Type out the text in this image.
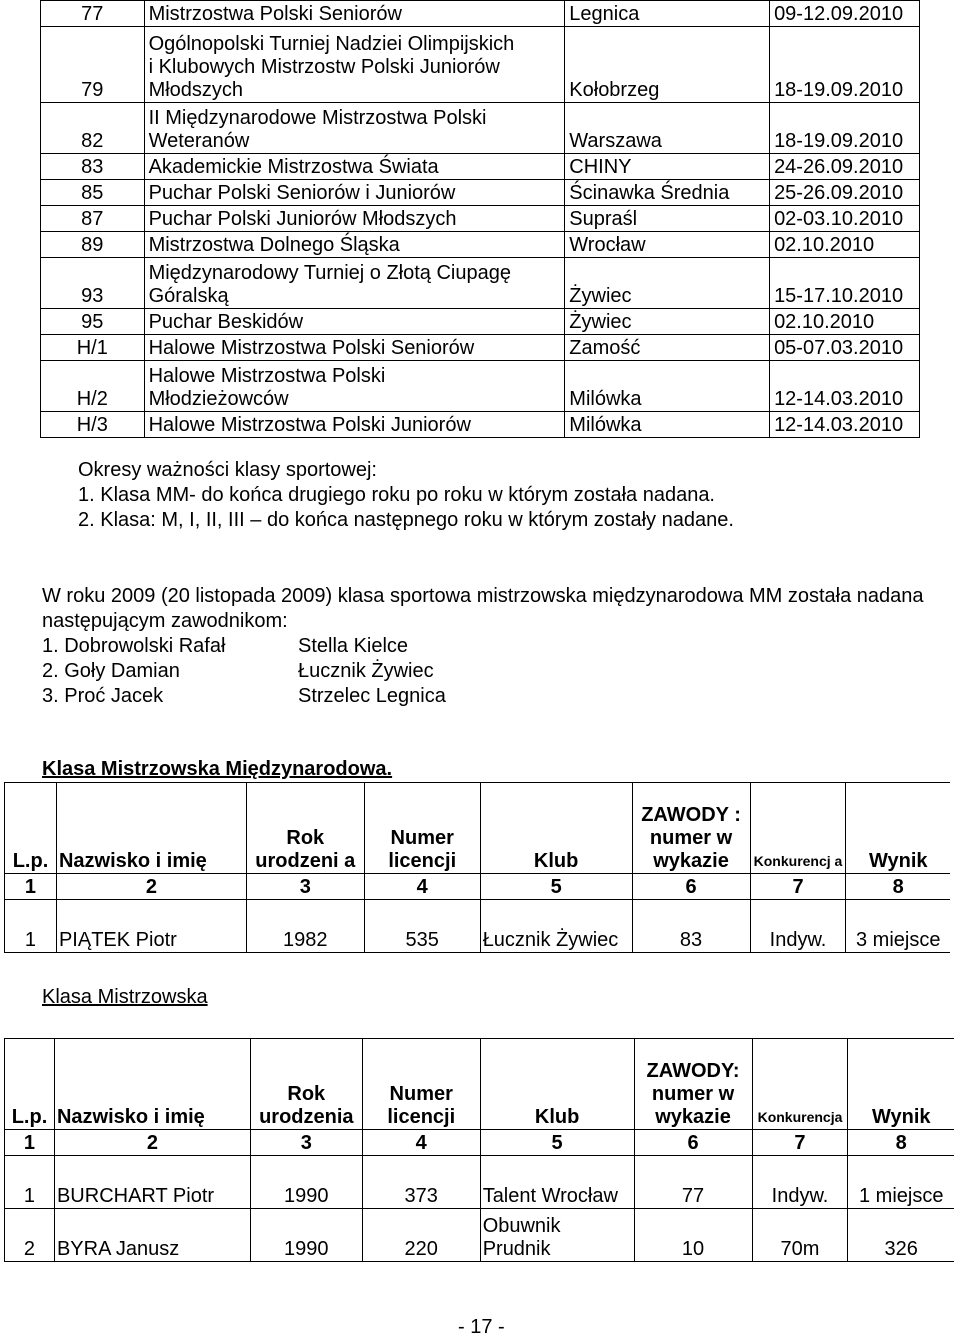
77	Mistrzostwa Polski Seniorów	Legnica	09-12.09.2010
79	Ogólnopolski Turniej Nadziei Olimpijskich
i Klubowych Mistrzostw Polski Juniorów
Młodszych	Kołobrzeg	18-19.09.2010
82	II Międzynarodowe Mistrzostwa Polski
Weteranów	Warszawa	18-19.09.2010
83	Akademickie Mistrzostwa Świata	CHINY	24-26.09.2010
85	Puchar Polski Seniorów i Juniorów	Ścinawka Średnia	25-26.09.2010
87	Puchar Polski Juniorów Młodszych	Supraśl	02-03.10.2010
89	Mistrzostwa Dolnego Śląska	Wrocław	02.10.2010
93	Międzynarodowy Turniej o Złotą Ciupagę
Góralską	Żywiec	15-17.10.2010
95	Puchar Beskidów	Żywiec	02.10.2010
H/1	Halowe Mistrzostwa Polski Seniorów	Zamość	05-07.03.2010
H/2	Halowe Mistrzostwa Polski
Młodzieżowców	Milówka	12-14.03.2010
H/3	Halowe Mistrzostwa Polski Juniorów	Milówka	12-14.03.2010
Okresy ważności klasy sportowej:
1. Klasa MM- do końca drugiego roku po roku w którym została nadana.
2. Klasa: M, I, II, III – do końca następnego roku w którym zostały nadane.
W roku 2009 (20 listopada 2009) klasa sportowa mistrzowska międzynarodowa MM została nadana następującym zawodnikom:
1. Dobrowolski Rafał	Stella Kielce
2. Goły Damian	Łucznik Żywiec
3. Proć Jacek	Strzelec Legnica
Klasa Mistrzowska Międzynarodowa.
L.p.	Nazwisko i imię	Rok urodzeni a	Numer licencji	Klub	ZAWODY : numer w wykazie	Konkurencj a	Wynik
1	2	3	4	5	6	7	8
1	PIĄTEK Piotr	1982	535	Łucznik Żywiec	83	Indyw.	3 miejsce
Klasa Mistrzowska
L.p.	Nazwisko i imię	Rok urodzenia	Numer licencji	Klub	ZAWODY: numer w wykazie	Konkurencja	Wynik
1	2	3	4	5	6	7	8
1	BURCHART Piotr	1990	373	Talent Wrocław	77	Indyw.	1 miejsce
2	BYRA Janusz	1990	220	Obuwnik Prudnik	10	70m	326
- 17 -
